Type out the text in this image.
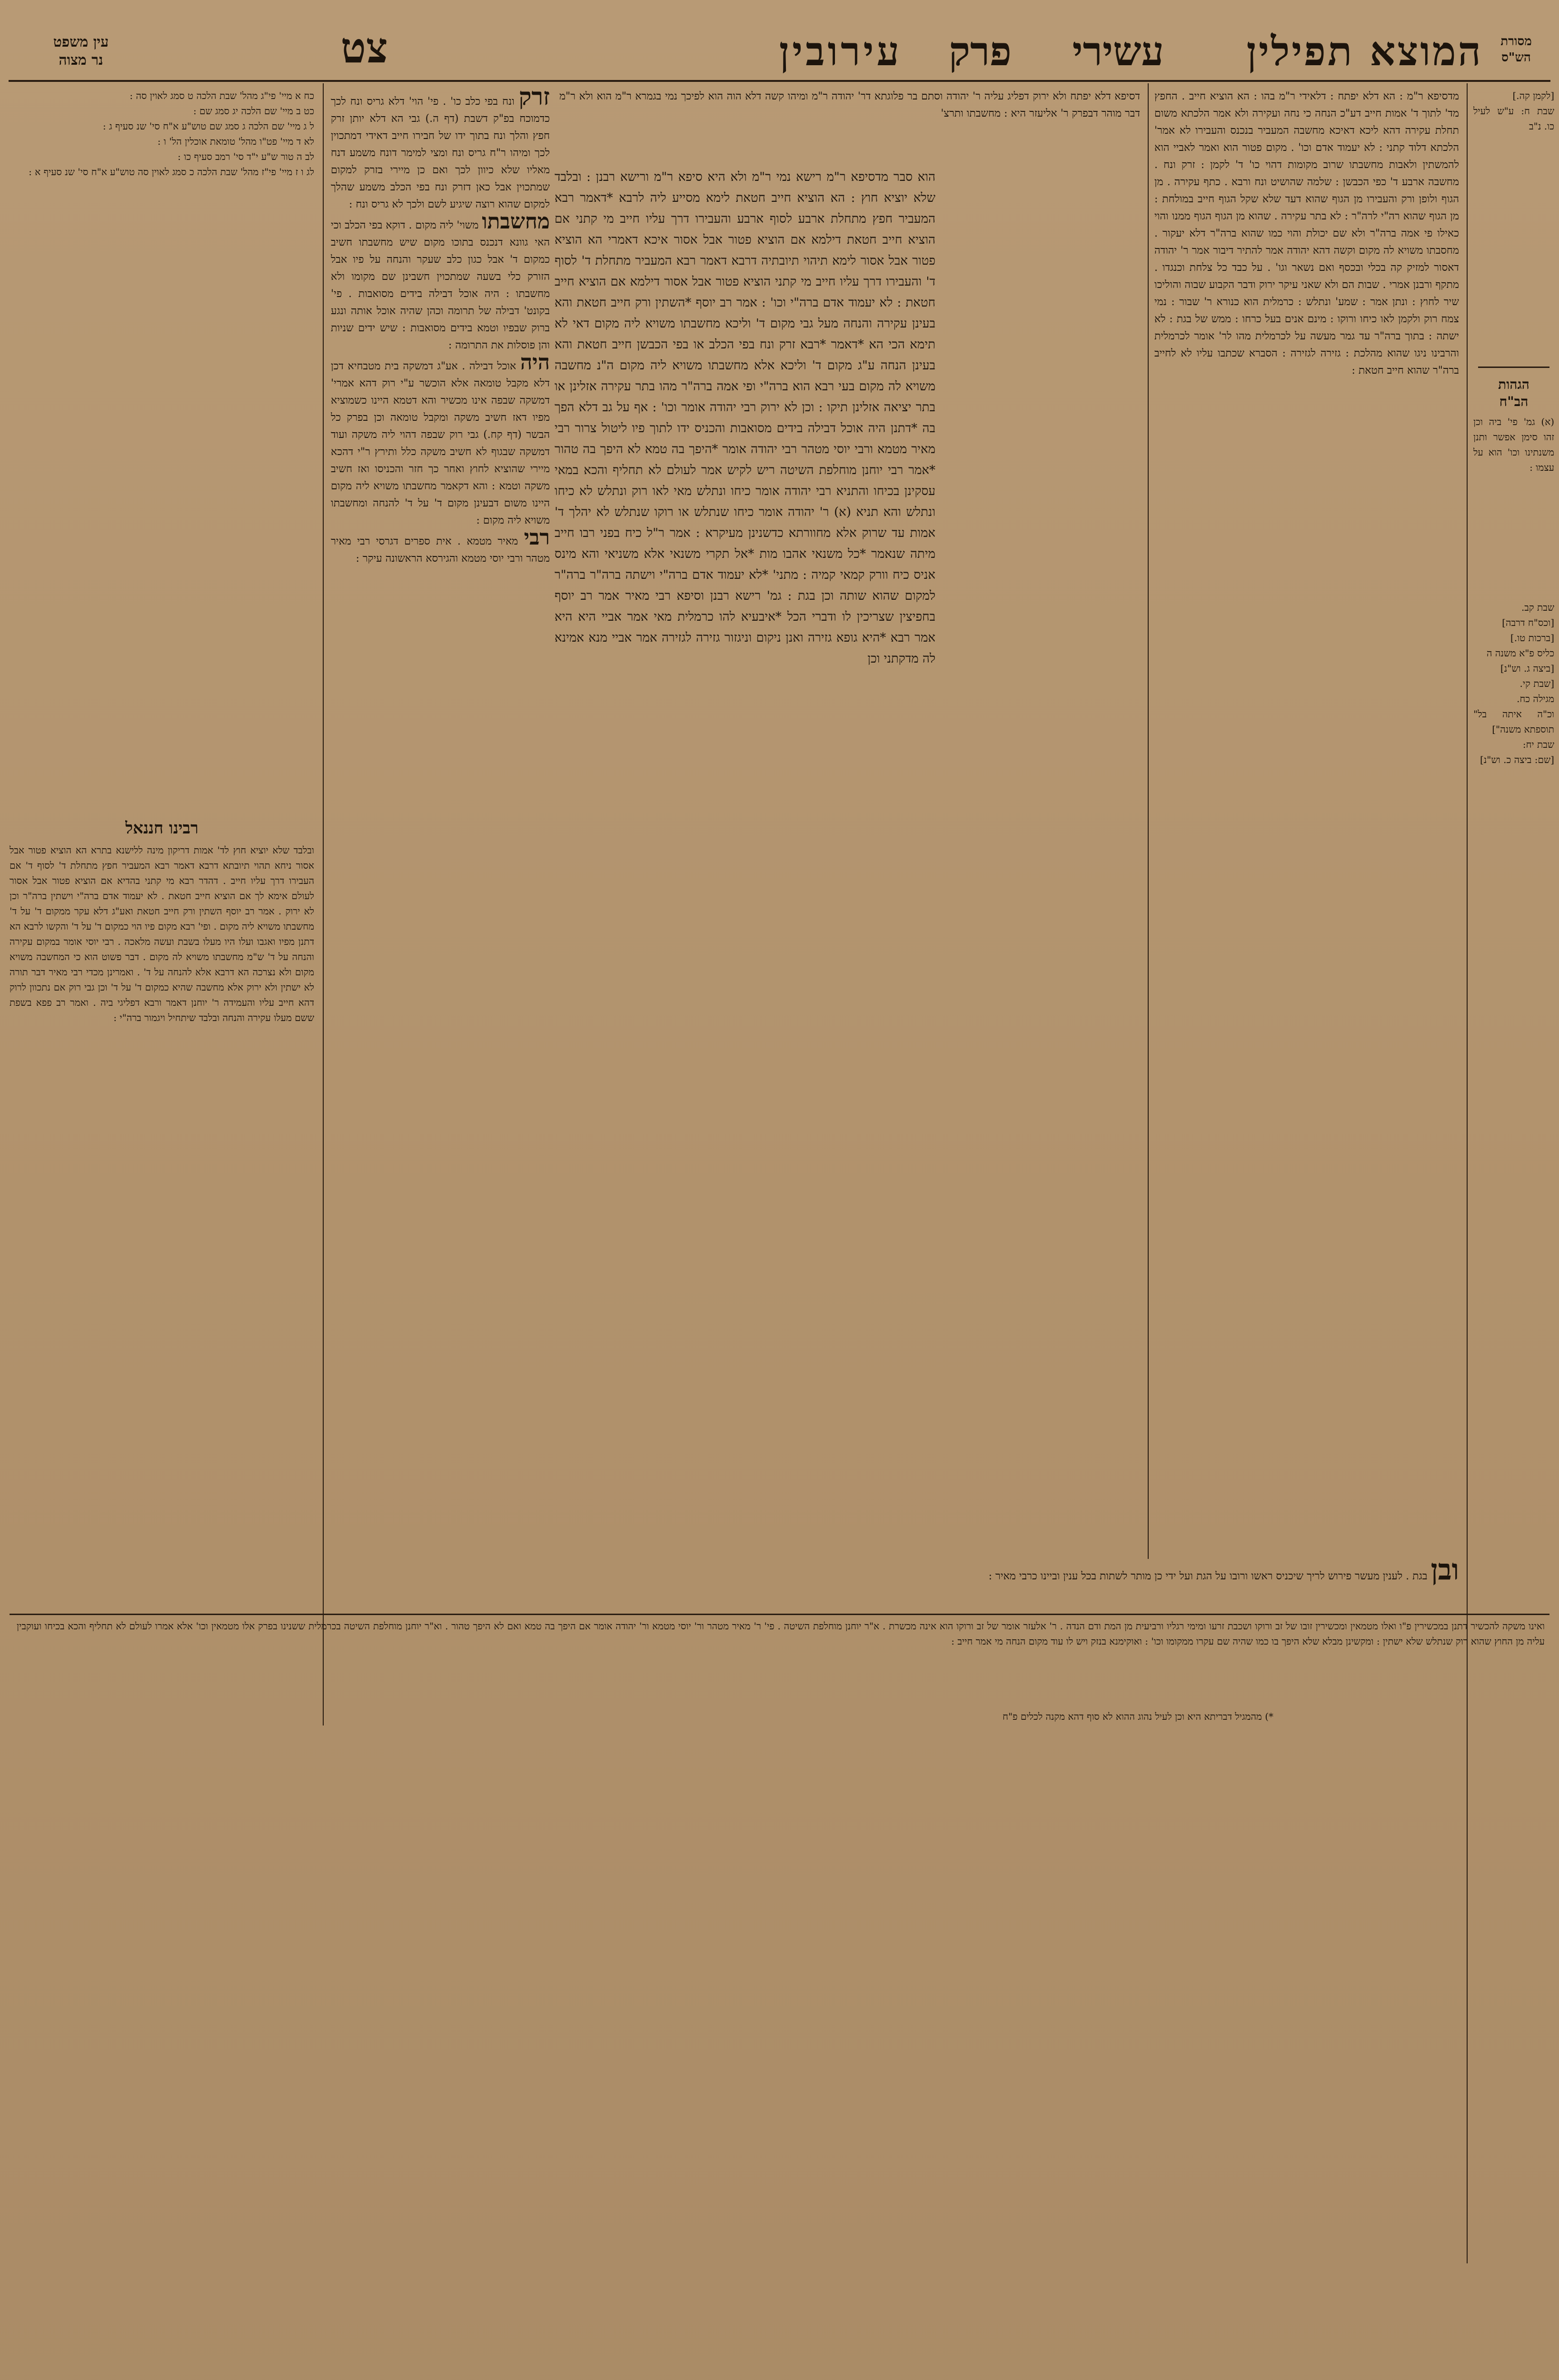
צט	עירובין פרק עשירי המוצא תפילין	מסורת
הש"ס
עין משפט
נר מצוה
[לקמן קה.]
שבת ח: ע"ש לעיל כו. נ"ב
הגהות
הב"ח
(א) גמ' פי' ביה וכן זהו סימן אפשר ותנן משנתינו וכו' הוא על עצמו :
שבת קב.
[וכס"ח דרבה]
[ברכות טו.]
כליס פ"א משנה ה
[ביצה ג. וש"נ]
[שבת קי.
מגילה כח.
וכ"ה איתה בל" תוספתא משנה"]
שבת יח:
[שם: ביצה כ. וש"נ]
מדסיפא ר"מ : הא דלא יפתח : דלאידי ר"מ בהו : הא הוציא חייב . החפץ מד' לתוך ד' אמות חייב דע"כ הנחה כי נחה ועקירה ולא אמר הלכתא משום תחלת עקירה דהא ליכא דאיכא מחשבה המעביר בנכנס והעבירו לא אמר' הלכתא דלוד קתני : לא יעמוד אדם וכו' . מקום פטור הוא ואמר לאביי הוא להמשתין ולאבות מחשבתו שרוב מקומות דהוי כו' ד' לקמן : זרק ונח . מחשבה ארבע ד' כפי הכבשן : שלמה שהושיט ונח ורבא . כתף עקירה . מן הגוף ולופן ורק והעבירו מן הגוף שהוא דעד שלא שקל הגוף חייב במולחת : מן הגוף שהוא רה"י לרה"ר : לא בתר עקירה . שהוא מן הגוף הגוף ממנו והוי כאילו פי אמה ברה"ר ולא שם יכולת והוי כמו שהוא ברה"ר דלא יעקור . מחסבתו משויא לה מקום וקשה דהא יהודה אמר להתיר דיבור אמר ר' יהודה דאסור למזיק קה בכלי ובכסף ואם נשאר וגו' . על כבד כל צלחת וכנגדו . מתקף ורבנן אמרי . שבות הם ולא שאני עיקר ירוק ודבר הקבוע שבוה והוליכו שיר לחוץ : ונתן אמר : שמע' ונתלש : כרמלית הוא כנורא ר' שבור : נמי צמח רוק ולקמן לאו כיחו ורוקו : מינם אנים בעל כרחו : ממש של בגת : לא ישתה : בתוך ברה"ר עד גמר מעשה על לכרמלית מהו לר' אומר לכרמלית והרבינו ניגו שהוא מהלכת : גזירה לגזירה : הסברא שכתבו עליו לא לחייב ברה"ר שהוא חייב חטאת :
דסיפא דלא יפתח ולא ירוק דפליג עליה ר' יהודה וסתם בר פלוגתא דר' יהודה ר"מ ומיהו קשה דלא הוה הוא לפיכך נמי בגמרא ר"מ הוא ולא ר"מ דבר מוהר דבפרק ר' אליעזר היא : מחשבתו ותרצ'
הוא סבר מדסיפא ר"מ רישא נמי ר"מ ולא היא סיפא ר"מ ורישא רבנן : ובלבד שלא יוציא חוץ : הא הוציא חייב חטאת לימא מסייע ליה לרבא *דאמר רבא המעביר חפץ מתחלת ארבע לסוף ארבע והעבירו דרך עליו חייב מי קתני אם הוציא חייב חטאת דילמא אם הוציא פטור אבל אסור איכא דאמרי הא הוציא פטור אבל אסור לימא תיהוי תיובתיה דרבא דאמר רבא המעביר מתחלת ד' לסוף ד' והעבירו דרך עליו חייב מי קתני הוציא פטור אבל אסור דילמא אם הוציא חייב חטאת : לא יעמוד אדם ברה"י וכו' : אמר רב יוסף *השתין ורק חייב חטאת והא בעינן עקירה והנחה מעל גבי מקום ד' וליכא מחשבתו משויא ליה מקום דאי לא תימא הכי הא *דאמר *רבא זרק ונח בפי הכלב או בפי הכבשן חייב חטאת והא בעינן הנחה ע"ג מקום ד' וליכא אלא מחשבתו משויא ליה מקום ה"נ מחשבה משויא לה מקום בעי רבא הוא ברה"י ופי אמה ברה"ר מהו בתר עקירה אזלינן או בתר יציאה אזלינן תיקו : וכן לא ירוק רבי יהודה אומר וכו' : אף על גב דלא הפך בה *דתנן היה אוכל דבילה בידים מסואבות והכניס ידו לתוך פיו ליטול צרור רבי מאיר מטמא ורבי יוסי מטהר רבי יהודה אומר *היפך בה טמא לא היפך בה טהור *אמר רבי יוחנן מוחלפת השיטה ריש לקיש אמר לעולם לא תחליף והכא במאי עסקינן בכיחו והתניא רבי יהודה אומר כיחו ונתלש מאי לאו רוק ונתלש לא כיחו ונתלש והא תניא (א) ר' יהודה אומר כיחו שנתלש או רוקו שנתלש לא יהלך ד' אמות עד שרוק אלא מחוורתא כדשנינן מעיקרא : אמר ר"ל כיח בפני רבו חייב מיתה שנאמר *כל משנאי אהבו מות *אל תקרי משנאי אלא משניאי והא מינס אניס כיח וורק קמאי קמיה : מתני' *לא יעמוד אדם ברה"י וישתה ברה"ר ברה"ר למקום שהוא שותה וכן בגת : גמ' רישא רבנן וסיפא רבי מאיר אמר רב יוסף בחפיצין שצריכין לו ודברי הכל *איבעיא להו כרמלית מאי אמר אביי היא היא אמר רבא *היא גופא גזירה ואנן ניקום וניגזור גזירה לגזירה אמר אביי מנא אמינא לה מדקתני וכן
זרק ונח בפי כלב כו' . פי' הוי' דלא גריס ונח לכך כדמוכח בפ"ק דשבת (דף ה.) גבי הא דלא יותן זרק חפץ והלך ונח בתוך ידו של חבירו חייב דאידי דמתכוין לכך ומיהו ר"ח גריס ונח ומצי למימר דונח משמע דנח מאליו שלא כיוון לכך ואם כן מיירי בזרק למקום שמתכוין אבל כאן דזרק ונח בפי הכלב משמע שהלך למקום שהוא רוצה שיגיע לשם ולכך לא גריס ונח :
מחשבתו משוי' ליה מקום . דוקא בפי הכלב וכי האי גוונא דנכנס בתוכו מקום שיש מחשבתו חשיב כמקום ד' אבל כגון כלב שעקר והנחה על פיו אבל הזורק כלי בשעה שמתכוין חשבינן שם מקומו ולא מחשבתו : היה אוכל דבילה בידים מסואבות . פי' בקונט' דבילה של תרומה וכהן שהיה אוכל אותה ונגע ברוק שבפיו וטמא בידים מסואבות : שיש ידים שניות והן פוסלות את התרומה :
היה אוכל דבילה . אע"ג דמשקה בית מטבחיא דכן דלא מקבל טומאה אלא הוכשר ע"י רוק דהא אמרי' דמשקה שבפה אינו מכשיר והא דטמא היינו כשמוציא מפיו דאז חשיב משקה ומקבל טומאה וכן בפרק כל הבשר (דף קח.) גבי רוק שבפה דהוי ליה משקה ועוד דמשקה שבגוף לא חשיב משקה כלל ותירץ ר"י דהכא מיירי שהוציא לחוץ ואחר כך חזר והכניסו ואז חשיב משקה וטמא : והא דקאמר מחשבתו משויא ליה מקום היינו משום דבעינן מקום ד' על ד' להנחה ומחשבתו משויא ליה מקום :
רבי מאיר מטמא . אית ספרים דגרסי רבי מאיר מטהר ורבי יוסי מטמא והגירסא הראשונה עיקר :
כח א מיי' פי"ג מהל' שבת הלכה ט סמג לאוין סה :
כט ב מיי' שם הלכה יג סמג שם :
ל ג מיי' שם הלכה ג סמג שם טוש"ע א"ח סי' שנ סעיף ג :
לא ד מיי' פט"ו מהל' טומאת אוכלין הל' ו :
לב ה טור ש"ע י"ד סי' רמב סעיף כו :
לג ו ז מיי' פי"ז מהל' שבת הלכה כ סמג לאוין סה טוש"ע א"ח סי' שנ סעיף א :
רבינו חננאל
ובלבד שלא יוציא חוץ לד' אמות דריקון מינה ללישנא בתרא הא הוציא פטור אבל אסור ניחא תהוי תיובתא דרבא דאמר רבא המעביר חפץ מתחלת ד' לסוף ד' אם העבירו דרך עליו חייב . דהדר רבא מי קתני בהדיא אם הוציא פטור אבל אסור לעולם אימא לך אם הוציא חייב חטאת . לא יעמוד אדם ברה"י וישתין ברה"ר וכן לא ירוק . אמר רב יוסף השתין ורק חייב חטאת ואע"ג דלא עקר ממקום ד' על ד' מחשבתו משויא ליה מקום . ופי' רבא מקום פיו הוי כמקום ד' על ד' והקשו לרבא הא דתנן מפיו ואגבו ועלו היו מעלו בשבת ועשה מלאכה . רבי יוסי אומר במקום עקירה והנחה על ד' ש"מ מחשבתו משויא לה מקום . דבר פשוט הוא כי המחשבה משויא מקום ולא נצרכה הא דרבא אלא להנחה על ד' . ואמרינן מכדי רבי מאיר דבר תורה לא ישתין ולא ירוק אלא מחשבה שהיא כמקום ד' על ד' וכן גבי רוק אם נתכוון לרוק דהא חייב עליו והעמידה ר' יוחנן דאמר ורבא דפליגי ביה . ואמר רב פפא בשפת ששם מעלו עקירה והנחה ובלבד שיתחיל ויגמור ברה"י :
ובן בגת . לענין מעשר פירוש לריך שיכניס ראשו ורובו על הגת ועל ידי כן מותר לשתות בכל ענין וביינו כרבי מאיר :
ואינו משקה להכשיר דתנן במכשירין פ"ו ואלו מטמאין ומכשירין זובו של זב ורוקו ושכבת זרעו ומימי רגליו ורביעית מן המת ודם הנדה . ר' אלעזר אומר של זב ורוקו הוא אינה מכשרת . א"ר יוחנן מוחלפת השיטה . פי' ר' מאיר מטהר ור' יוסי מטמא ור' יהודה אומר אם היפך בה טמא ואם לא היפך טהור . וא"ר יוחנן מוחלפת השיטה בכרמלית ששנינו בפרק אלו מטמאין וכו' אלא אמרו לעולם לא תחליף והכא בכיחו ועוקבין עליה מן החוץ שהוא רוק שנתלש שלא ישתין : ומקשינן מבלא שלא היפך בו כמו שהיה שם עקרו ממקומו וכו' : ואוקימנא בנזק ויש לו עוד מקום הנחה מי אמר חייב :
*) מהמגיל דבריתא היא וכן לעיל נהוג ההוא לא סוף דהא מקנה לכלים פ"ח
